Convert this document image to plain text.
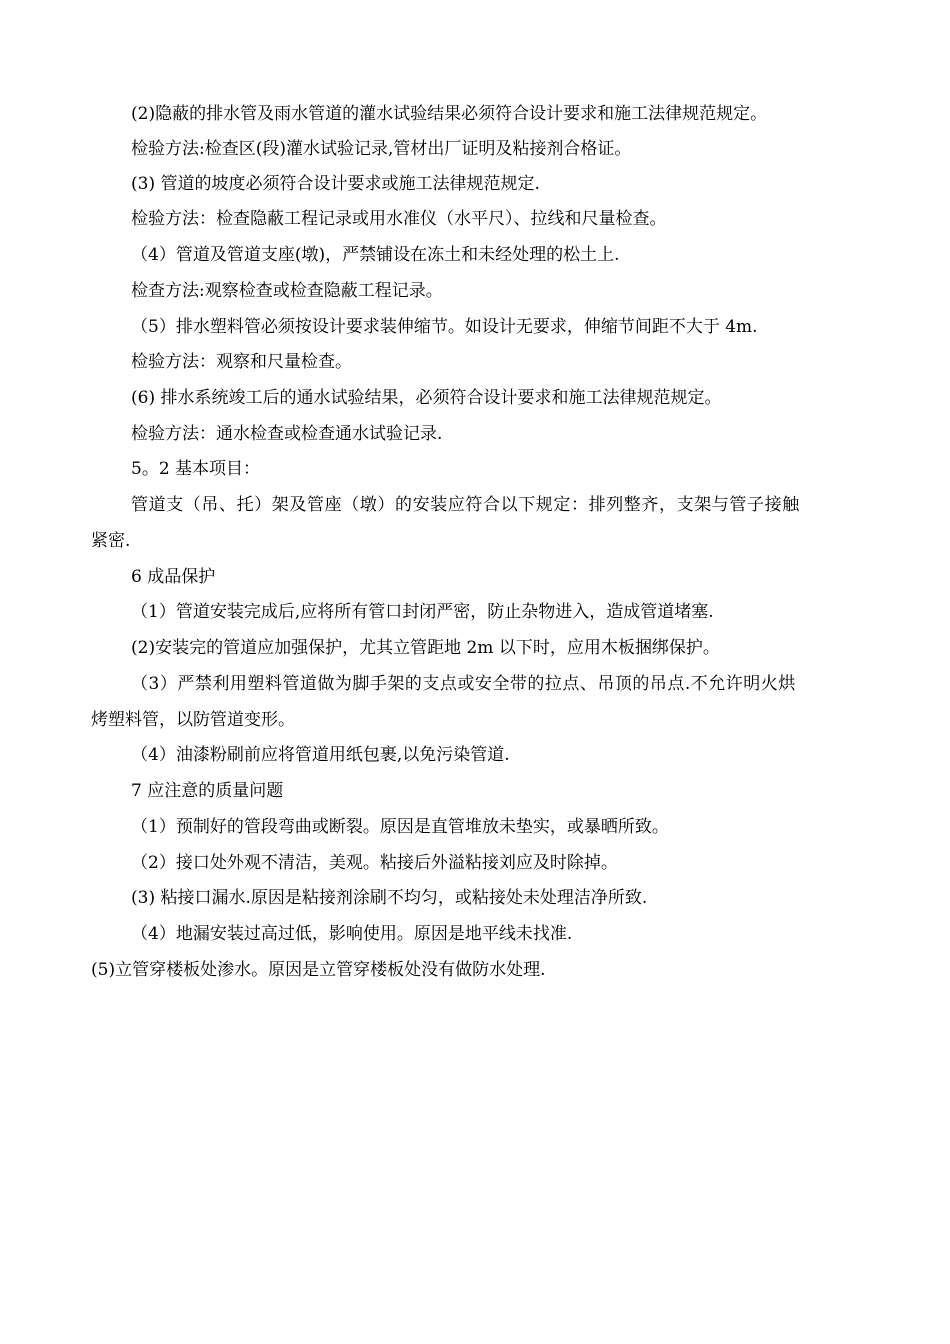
(2)隐蔽的排水管及雨水管道的灌水试验结果必须符合设计要求和施工法律规范规定。
检验方法:检查区(段)灌水试验记录,管材出厂证明及粘接剂合格证。
(3) 管道的坡度必须符合设计要求或施工法律规范规定.
检验方法：检查隐蔽工程记录或用水准仪（水平尺）、拉线和尺量检查。
（4）管道及管道支座(墩)，严禁铺设在冻土和未经处理的松土上.
检查方法:观察检查或检查隐蔽工程记录。
（5）排水塑料管必须按设计要求装伸缩节。如设计无要求，伸缩节间距不大于 4m.
检验方法：观察和尺量检查。
(6) 排水系统竣工后的通水试验结果，必须符合设计要求和施工法律规范规定。
检验方法：通水检查或检查通水试验记录.
5。2 基本项目：
管道支（吊、托）架及管座（墩）的安装应符合以下规定：排列整齐，支架与管子接触
紧密.
6 成品保护
（1）管道安装完成后,应将所有管口封闭严密，防止杂物进入，造成管道堵塞.
(2)安装完的管道应加强保护，尤其立管距地 2m 以下时，应用木板捆绑保护。
（3）严禁利用塑料管道做为脚手架的支点或安全带的拉点、吊顶的吊点.不允许明火烘
烤塑料管，以防管道变形。
（4）油漆粉刷前应将管道用纸包裹,以免污染管道.
7 应注意的质量问题
（1）预制好的管段弯曲或断裂。原因是直管堆放未垫实，或暴晒所致。
（2）接口处外观不清洁，美观。粘接后外溢粘接刘应及时除掉。
(3) 粘接口漏水.原因是粘接剂涂刷不均匀，或粘接处未处理洁净所致.
（4）地漏安装过高过低，影响使用。原因是地平线未找准.
(5)立管穿楼板处渗水。原因是立管穿楼板处没有做防水处理.
